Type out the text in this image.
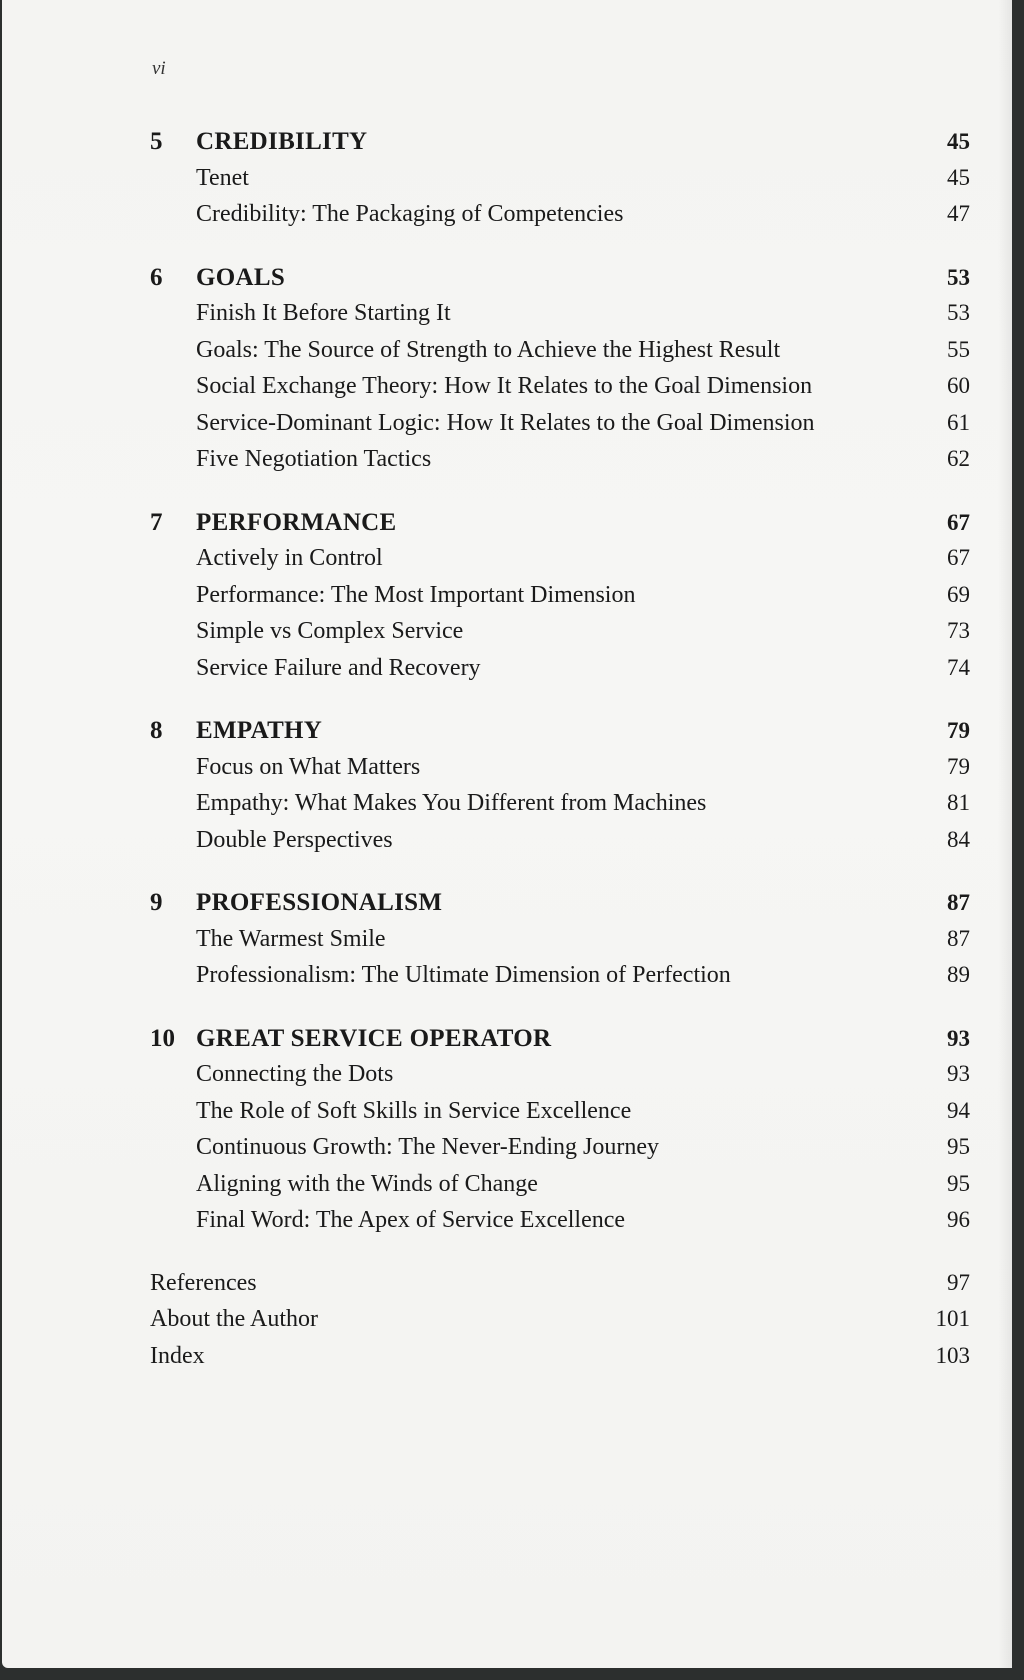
vi
5	CREDIBILITY	45
Tenet	45
Credibility: The Packaging of Competencies	47
6	GOALS	53
Finish It Before Starting It	53
Goals: The Source of Strength to Achieve the Highest Result	55
Social Exchange Theory: How It Relates to the Goal Dimension	60
Service-Dominant Logic: How It Relates to the Goal Dimension	61
Five Negotiation Tactics	62
7	PERFORMANCE	67
Actively in Control	67
Performance: The Most Important Dimension	69
Simple vs Complex Service	73
Service Failure and Recovery	74
8	EMPATHY	79
Focus on What Matters	79
Empathy: What Makes You Different from Machines	81
Double Perspectives	84
9	PROFESSIONALISM	87
The Warmest Smile	87
Professionalism: The Ultimate Dimension of Perfection	89
10 GREAT SERVICE OPERATOR	93
Connecting the Dots	93
The Role of Soft Skills in Service Excellence	94
Continuous Growth: The Never-Ending Journey	95
Aligning with the Winds of Change	95
Final Word: The Apex of Service Excellence	96
References	97
About the Author	101
Index	103
